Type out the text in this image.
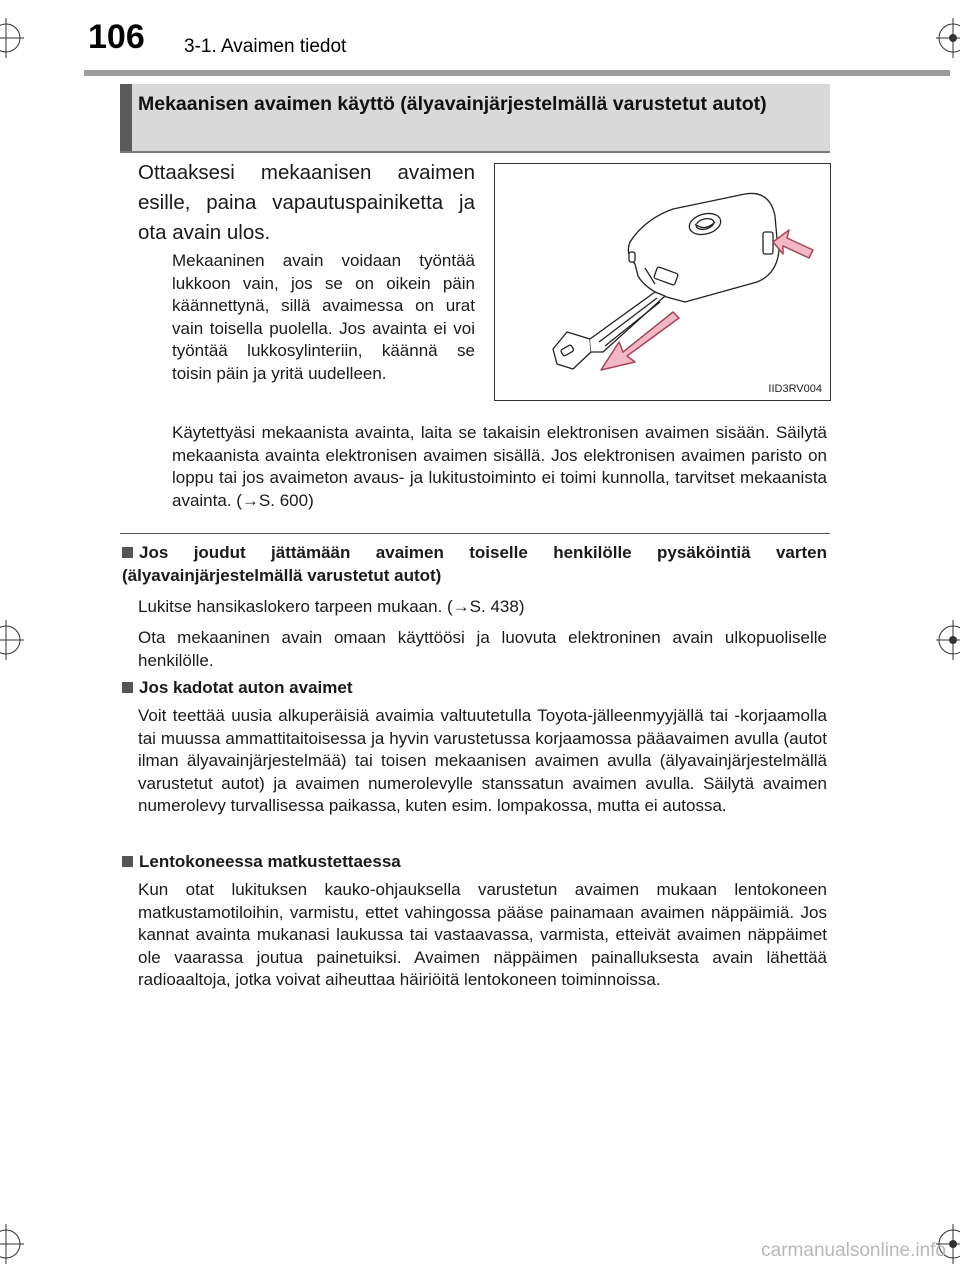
106 3-1. Avaimen tiedot
Mekaanisen avaimen käyttö (älyavainjärjestelmällä varustetut autot)
Ottaaksesi mekaanisen avaimen esille, paina vapautuspainiketta ja ota avain ulos.
Mekaaninen avain voidaan työntää lukkoon vain, jos se on oikein päin käännettynä, sillä avaimessa on urat vain toisella puolella. Jos avainta ei voi työntää lukkosylinteriin, käännä se toisin päin ja yritä uudelleen.
IID3RV004
Käytettyäsi mekaanista avainta, laita se takaisin elektronisen avaimen sisään. Säilytä mekaanista avainta elektronisen avaimen sisällä. Jos elektronisen avaimen paristo on loppu tai jos avaimeton avaus- ja lukitustoiminto ei toimi kunnolla, tarvitset mekaanista avainta. (→S. 600)
Jos joudut jättämään avaimen toiselle henkilölle pysäköintiä varten (älyavainjärjestelmällä varustetut autot)
Lukitse hansikaslokero tarpeen mukaan. (→S. 438)
Ota mekaaninen avain omaan käyttöösi ja luovuta elektroninen avain ulkopuoliselle henkilölle.
Jos kadotat auton avaimet
Voit teettää uusia alkuperäisiä avaimia valtuutetulla Toyota-jälleenmyyjällä tai -korjaamolla tai muussa ammattitaitoisessa ja hyvin varustetussa korjaamossa pääavaimen avulla (autot ilman älyavainjärjestelmää) tai toisen mekaanisen avaimen avulla (älyavainjärjestelmällä varustetut autot) ja avaimen numerolevylle stanssatun avaimen avulla. Säilytä avaimen numerolevy turvallisessa paikassa, kuten esim. lompakossa, mutta ei autossa.
Lentokoneessa matkustettaessa
Kun otat lukituksen kauko-ohjauksella varustetun avaimen mukaan lentokoneen matkustamotiloihin, varmistu, ettet vahingossa pääse painamaan avaimen näppäimiä. Jos kannat avainta mukanasi laukussa tai vastaavassa, varmista, etteivät avaimen näppäimet ole vaarassa joutua painetuiksi. Avaimen näppäimen painalluksesta avain lähettää radioaaltoja, jotka voivat aiheuttaa häiriöitä lentokoneen toiminnoissa.
carmanualsonline.info
